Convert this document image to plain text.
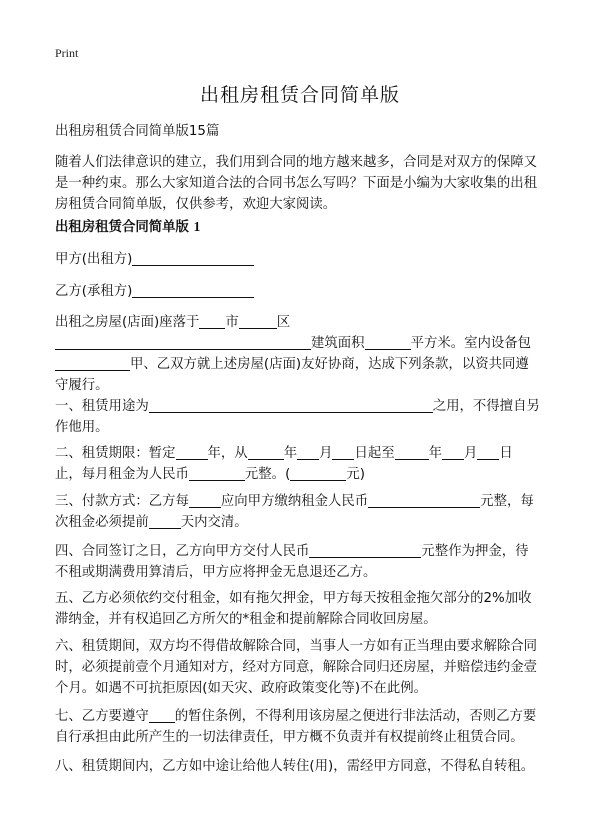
Print
出租房租赁合同简单版

出租房租赁合同简单版15篇

随着人们法律意识的建立，我们用到合同的地方越来越多，合同是对双方的保障又
是一种约束。那么大家知道合法的合同书怎么写吗？下面是小编为大家收集的出租
房租赁合同简单版，仅供参考，欢迎大家阅读。

出租房租赁合同简单版 1

甲方(出租方)

乙方(承租方)

出租之房屋(店面)座落于 市	区
建筑面积	平方米。室内设备包
甲、乙双方就上述房屋(店面)友好协商，达成下列条款，以资共同遵
守履行。
一、租赁用途为	之用，不得擅自另
作他用。
二、租赁期限：暂定 年，从	年 月 日起至	年 月 日
止，每月租金为人民币	元整。(	元)
三、付款方式：乙方每 应向甲方缴纳租金人民币	元整，每
次租金必须提前 天内交清。
四、合同签订之日，乙方向甲方交付人民币	元整作为押金，待
不租或期满费用算清后，甲方应将押金无息退还乙方。
五、乙方必须依约交付租金，如有拖欠押金，甲方每天按租金拖欠部分的2%加收
滞纳金，并有权追回乙方所欠的*租金和提前解除合同收回房屋。
六、租赁期间，双方均不得借故解除合同，当事人一方如有正当理由要求解除合同
时，必须提前壹个月通知对方，经对方同意，解除合同归还房屋，并赔偿违约金壹
个月。如遇不可抗拒原因(如天灾、政府政策变化等)不在此例。
七、乙方要遵守 的暂住条例，不得利用该房屋之便进行非法活动，否则乙方要
自行承担由此所产生的一切法律责任，甲方概不负责并有权提前终止租赁合同。
八、租赁期间内，乙方如中途让给他人转住(用)，需经甲方同意，不得私自转租。
